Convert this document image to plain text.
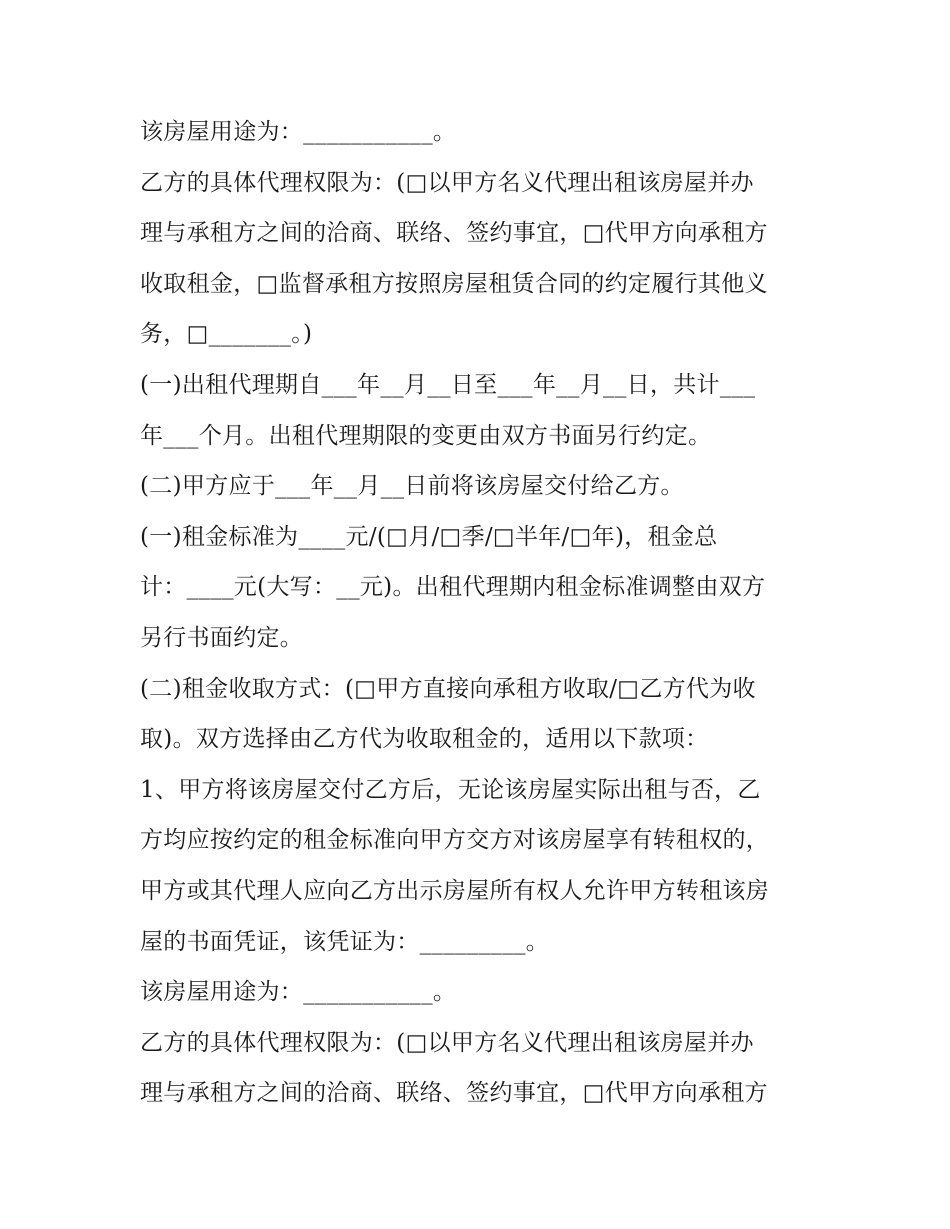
该房屋用途为：___________。
乙方的具体代理权限为：(□以甲方名义代理出租该房屋并办
理与承租方之间的洽商、联络、签约事宜，□代甲方向承租方
收取租金，□监督承租方按照房屋租赁合同的约定履行其他义
务，□_______。)
(一)出租代理期自___年__月__日至___年__月__日，共计___
年___个月。出租代理期限的变更由双方书面另行约定。
(二)甲方应于___年__月__日前将该房屋交付给乙方。
(一)租金标准为____元/(□月/□季/□半年/□年)，租金总
计：____元(大写：__元)。出租代理期内租金标准调整由双方
另行书面约定。
(二)租金收取方式：(□甲方直接向承租方收取/□乙方代为收
取)。双方选择由乙方代为收取租金的，适用以下款项：
1、甲方将该房屋交付乙方后，无论该房屋实际出租与否，乙
方均应按约定的租金标准向甲方交方对该房屋享有转租权的，
甲方或其代理人应向乙方出示房屋所有权人允许甲方转租该房
屋的书面凭证，该凭证为：_________。
该房屋用途为：___________。
乙方的具体代理权限为：(□以甲方名义代理出租该房屋并办
理与承租方之间的洽商、联络、签约事宜，□代甲方向承租方
